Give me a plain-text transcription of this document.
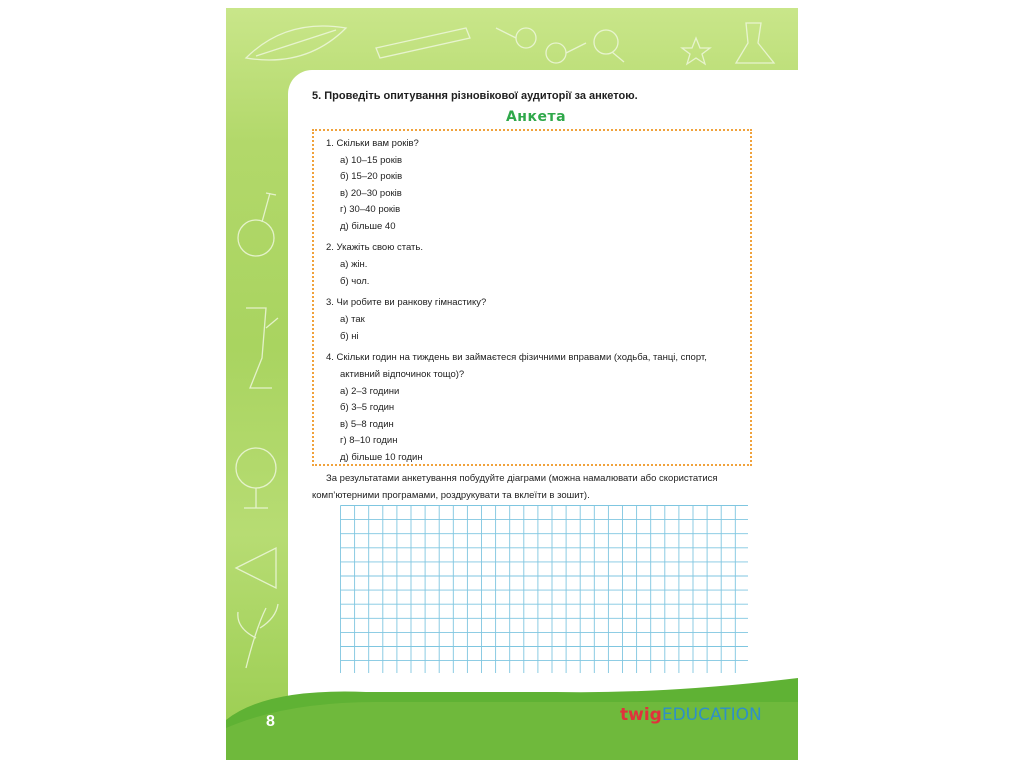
8	twigEDUCATION
5. Проведіть опитування різновікової аудиторії за анкетою.
Анкета
1. Скільки вам років?
а) 10–15 років
б) 15–20 років
в) 20–30 років
г) 30–40 років
д) більше 40
2. Укажіть свою стать.
а) жін.
б) чол.
3. Чи робите ви ранкову гімнастику?
а) так
б) ні
4. Скільки годин на тиждень ви займаєтеся фізичними вправами (ходьба, танці, спорт,
активний відпочинок тощо)?
а) 2–3 години
б) 3–5 годин
в) 5–8 годин
г) 8–10 годин
д) більше 10 годин
За результатами анкетування побудуйте діаграми (можна намалювати або скористатися
комп’ютерними програмами, роздрукувати та вклеїти в зошит).
